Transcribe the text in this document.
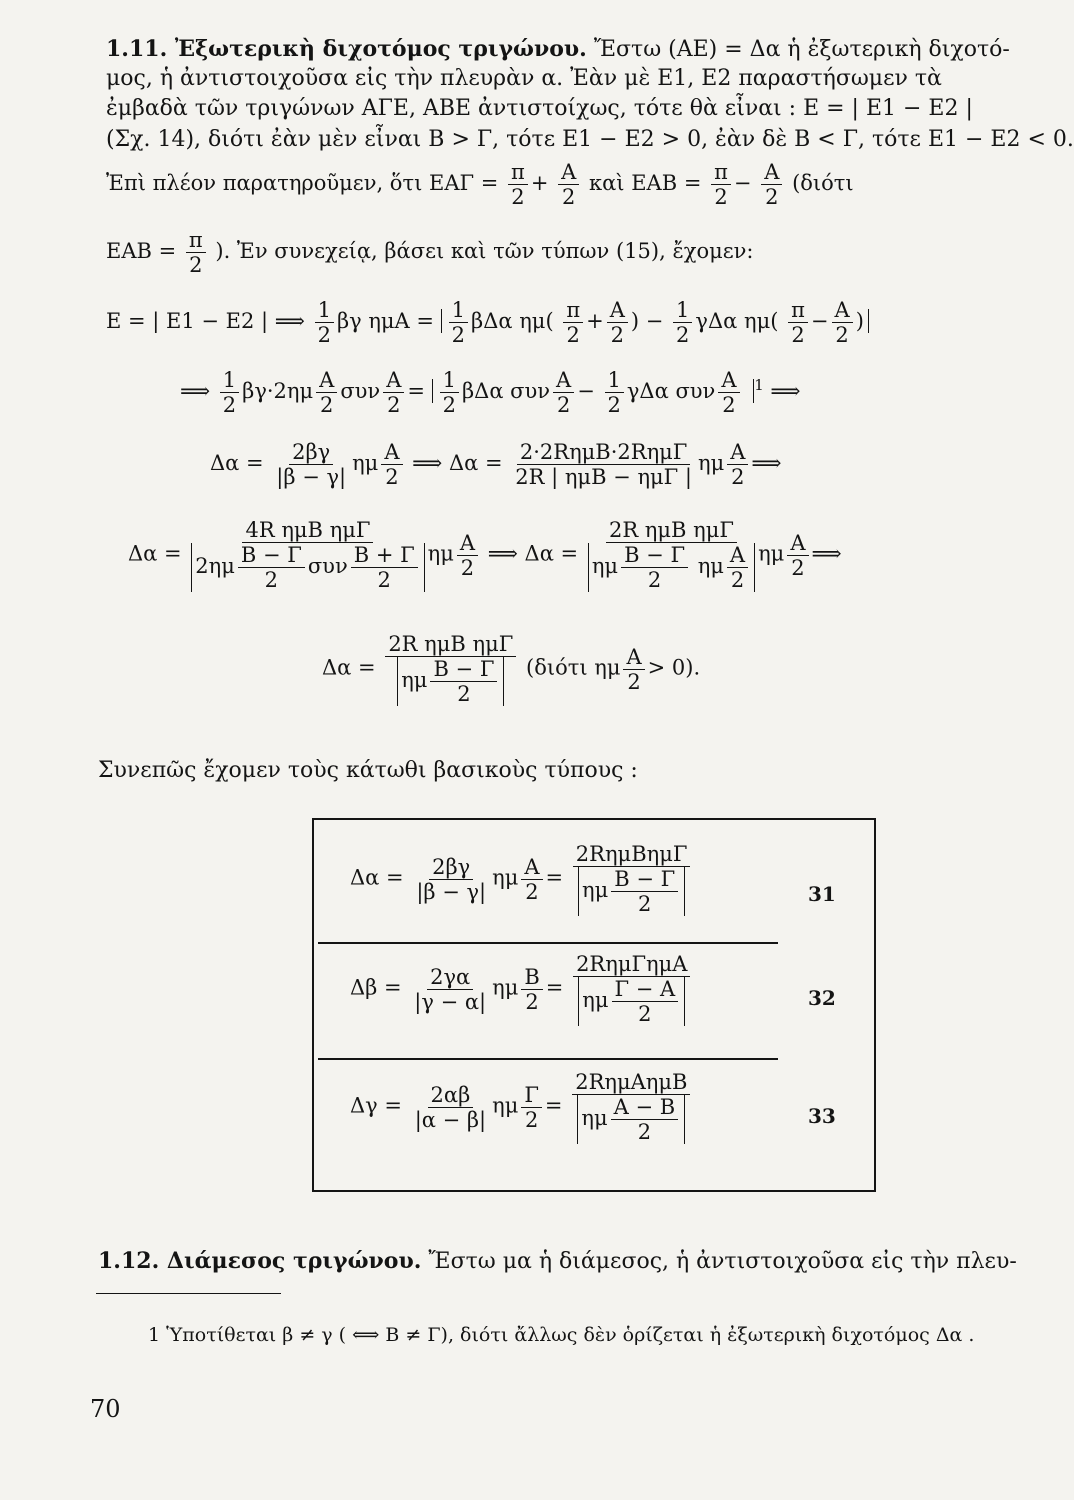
1.11. Ἐξωτερικὴ διχοτόμος τριγώνου. Ἔστω (ΑΕ) = Δα ἡ ἐξωτερικὴ διχοτό-
μος, ἡ ἀντιστοιχοῦσα εἰς τὴν πλευρὰν α. Ἐὰν μὲ Ε1, Ε2 παραστήσωμεν τὰ
ἐμβαδὰ τῶν τριγώνων ΑΓΕ, ΑΒΕ ἀντιστοίχως, τότε θὰ εἶναι : Ε = | Ε1 − Ε2 |
(Σχ. 14), διότι ἐὰν μὲν εἶναι Β > Γ, τότε Ε1 − Ε2 > 0, ἐὰν δὲ Β < Γ, τότε Ε1 − Ε2 < 0.
Ἐπὶ πλέον παρατηροῦμεν, ὅτι $EA\Gamma = \frac{\pi}{2} + \frac{A}{2}$ καὶ $EAB = \frac{\pi}{2} - \frac{A}{2} (\delta\iota ό\tau\iota$
$EAB = \frac{\pi}{2}$ ). Ἐν συνεχείᾳ, βάσει καὶ τῶν τύπων (15), ἔχομεν:
Ε = | Ε1 − Ε2 | ⟹ $\frac{1}{2}$ βγ $\eta\mu A = \frac{1}{2}$ βΔα $\eta\mu( \frac{\pi}{2} + \frac{A}{2}$ ) − $\frac{1}{2}$ γΔα $\eta\mu( \frac{\pi}{2} - \frac{A}{2}$ )
⟹ $\frac{1}{2} \beta\gamma\cdot 2\eta\mu \frac{A}{2}$ συν $\frac{A}{2} = \frac{1}{2}$ βΔα συν $\frac{A}{2} - \frac{1}{2}$ γΔα συν $\frac{A}{2} ^1$ ⟹
$\Delta\alpha = \frac{2\beta\gamma}{|\beta - \gamma|}$ ημ $\frac{A}{2}$ ⟹ $\Delta\alpha = \frac{\text{2·2RημΒ·2RημΓ}}{\text{2R | ημΒ − ημΓ |}}$ ημ $\frac{A}{2}$ ⟹
$\Delta\alpha = \frac{\text{4R ημΒ ημΓ}}{2\eta\mu \frac{B - \Gamma}{2} \sigma\upsilon\nu \frac{B + \Gamma}{2}}$ ημ $\frac{A}{2}$ ⟹ $\Delta\alpha = \frac{\text{2R ημΒ ημΓ}}{\eta\mu \frac{B - \Gamma}{2} \eta\mu \frac{A}{2}}$ ημ $\frac{A}{2}$ ⟹
$\Delta\alpha = \frac{\text{2R ημΒ ημΓ}}{\eta\mu \frac{B - \Gamma}{2}} (\delta\iota ό\tau\iota$ ημ $\frac{A}{2} > 0$).
Συνεπῶς ἔχομεν τοὺς κάτωθι βασικοὺς τύπους :
$\Delta\alpha = \frac{2\beta\gamma}{|\beta - \gamma|}$ ημ $\frac{A}{2} = \frac{\text{2RημΒημΓ}}{\eta\mu \frac{B - \Gamma}{2}}$	31
$\Delta\beta = \frac{2\gamma\alpha}{|\gamma - \alpha|}$ ημ $\frac{B}{2} = \frac{\text{2RημΓημΑ}}{\eta\mu \frac{\Gamma - A}{2}}$	32
$\Delta\gamma = \frac{2\alpha\beta}{|\alpha - \beta|}$ ημ $\frac{\Gamma}{2} = \frac{\text{2RημΑημΒ}}{\eta\mu \frac{A - B}{2}}$	33
1.12. Διάμεσος τριγώνου. Ἔστω μα ἡ διάμεσος, ἡ ἀντιστοιχοῦσα εἰς τὴν πλευ-
1 Ὑποτίθεται β ≠ γ ( ⟺ Β ≠ Γ), διότι ἄλλως δὲν ὁρίζεται ἡ ἐξωτερικὴ διχοτόμος Δα .
70
